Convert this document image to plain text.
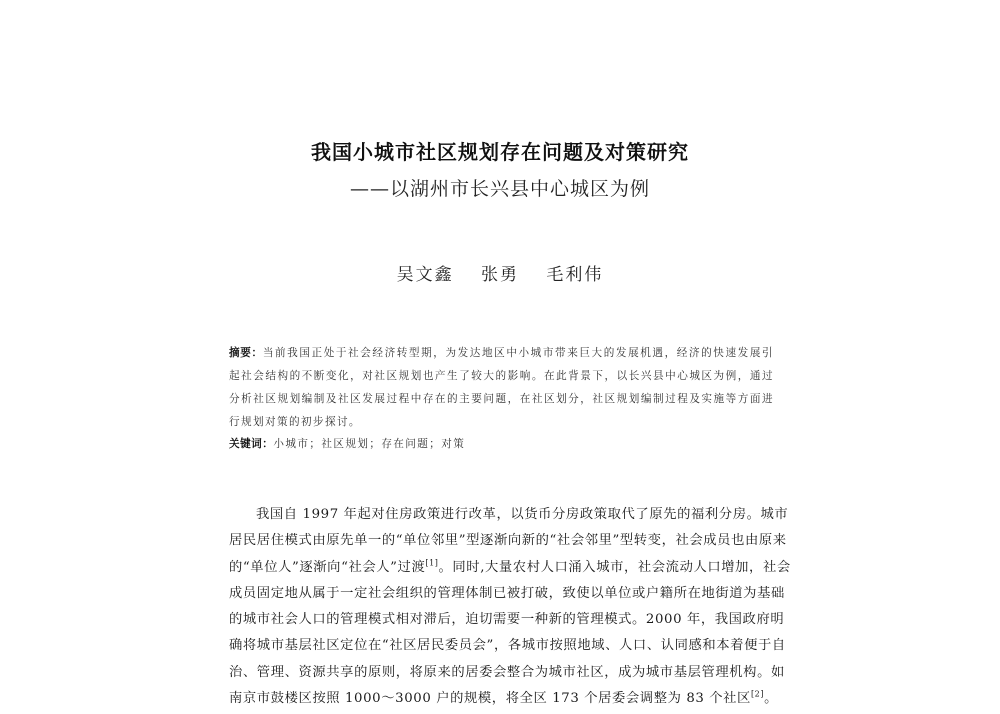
我国小城市社区规划存在问题及对策研究
——以湖州市长兴县中心城区为例
吴文鑫 张勇 毛利伟
摘要：当前我国正处于社会经济转型期，为发达地区中小城市带来巨大的发展机遇，经济的快速发展引起社会结构的不断变化，对社区规划也产生了较大的影响。在此背景下，以长兴县中心城区为例，通过分析社区规划编制及社区发展过程中存在的主要问题，在社区划分，社区规划编制过程及实施等方面进行规划对策的初步探讨。
关键词：小城市；社区规划；存在问题；对策
我国自 1997 年起对住房政策进行改革，以货币分房政策取代了原先的福利分房。城市
居民居住模式由原先单一的“单位邻里”型逐渐向新的“社会邻里”型转变，社会成员也由原来
的“单位人”逐渐向“社会人”过渡[1]。同时,大量农村人口涌入城市，社会流动人口增加，社会
成员固定地从属于一定社会组织的管理体制已被打破，致使以单位或户籍所在地街道为基础
的城市社会人口的管理模式相对滞后，迫切需要一种新的管理模式。2000 年，我国政府明
确将城市基层社区定位在“社区居民委员会”，各城市按照地域、人口、认同感和本着便于自
治、管理、资源共享的原则，将原来的居委会整合为城市社区，成为城市基层管理机构。如
南京市鼓楼区按照 1000～3000 户的规模，将全区 173 个居委会调整为 83 个社区[2]。
